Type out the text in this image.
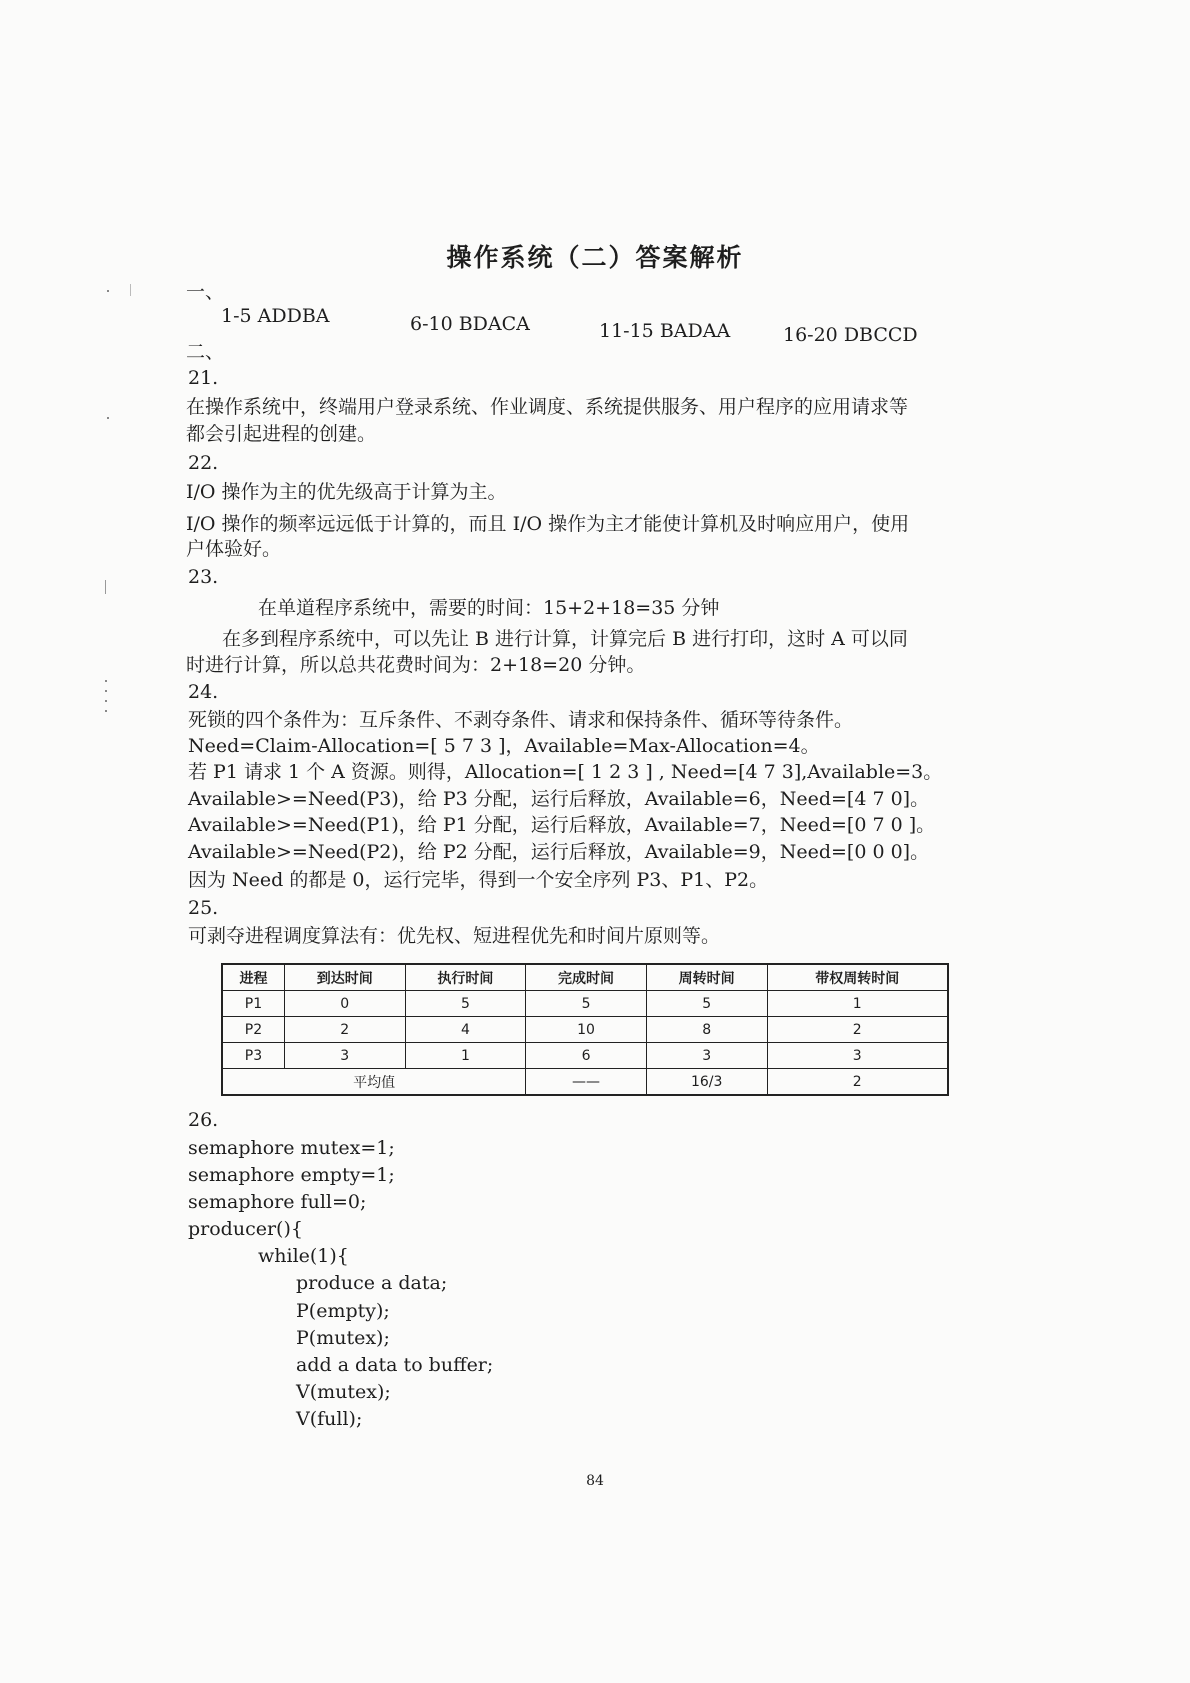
操作系统（二）答案解析
一、
1-5 ADDBA	6-10 BDACA	11-15 BADAA	16-20 DBCCD
二、
21.
在操作系统中，终端用户登录系统、作业调度、系统提供服务、用户程序的应用请求等
都会引起进程的创建。
22.
I/O 操作为主的优先级高于计算为主。
I/O 操作的频率远远低于计算的，而且 I/O 操作为主才能使计算机及时响应用户，使用
户体验好。
23.
在单道程序系统中，需要的时间：15+2+18=35 分钟
在多到程序系统中，可以先让 B 进行计算，计算完后 B 进行打印，这时 A 可以同
时进行计算，所以总共花费时间为：2+18=20 分钟。
24.
死锁的四个条件为：互斥条件、不剥夺条件、请求和保持条件、循环等待条件。
Need=Claim-Allocation=[ 5 7 3 ]，Available=Max-Allocation=4。
若 P1 请求 1 个 A 资源。则得，Allocation=[ 1 2 3 ] , Need=[4 7 3],Available=3。
Available>=Need(P3)，给 P3 分配，运行后释放，Available=6，Need=[4 7 0]。
Available>=Need(P1)，给 P1 分配，运行后释放，Available=7，Need=[0 7 0 ]。
Available>=Need(P2)，给 P2 分配，运行后释放，Available=9，Need=[0 0 0]。
因为 Need 的都是 0，运行完毕，得到一个安全序列 P3、P1、P2。
25.
可剥夺进程调度算法有：优先权、短进程优先和时间片原则等。
进程	到达时间	执行时间	完成时间	周转时间	带权周转时间
P1	0	5	5	5	1
P2	2	4	10	8	2
P3	3	1	6	3	3
平均值			——	16/3	2
26.
semaphore mutex=1;
semaphore empty=1;
semaphore full=0;
producer(){
while(1){
produce a data;
P(empty);
P(mutex);
add a data to buffer;
V(mutex);
V(full);
84
